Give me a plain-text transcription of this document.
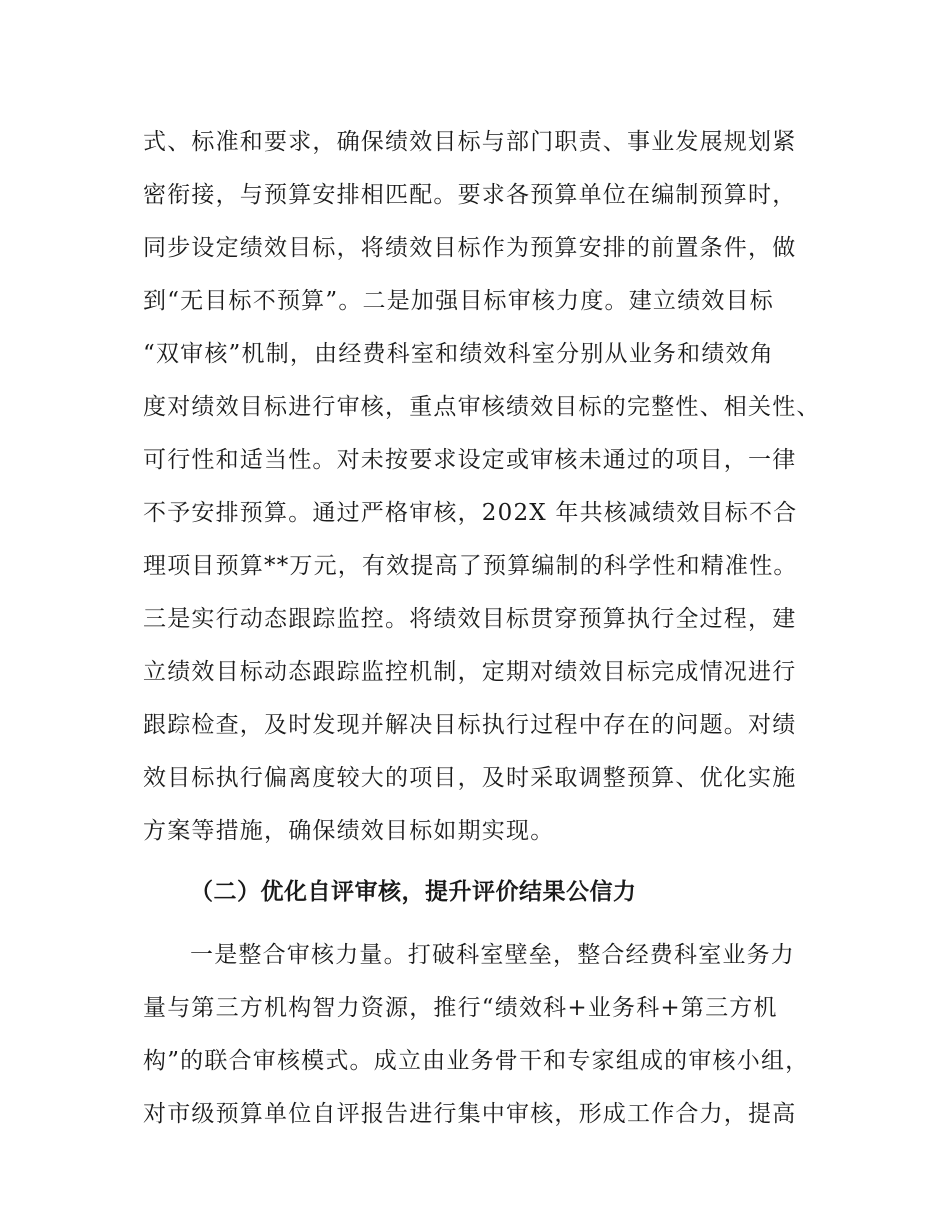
式、标准和要求，确保绩效目标与部门职责、事业发展规划紧
密衔接，与预算安排相匹配。要求各预算单位在编制预算时，
同步设定绩效目标，将绩效目标作为预算安排的前置条件，做
到“无目标不预算”。二是加强目标审核力度。建立绩效目标
“双审核”机制，由经费科室和绩效科室分别从业务和绩效角
度对绩效目标进行审核，重点审核绩效目标的完整性、相关性、
可行性和适当性。对未按要求设定或审核未通过的项目，一律
不予安排预算。通过严格审核，202X 年共核减绩效目标不合
理项目预算**万元，有效提高了预算编制的科学性和精准性。
三是实行动态跟踪监控。将绩效目标贯穿预算执行全过程，建
立绩效目标动态跟踪监控机制，定期对绩效目标完成情况进行
跟踪检查，及时发现并解决目标执行过程中存在的问题。对绩
效目标执行偏离度较大的项目，及时采取调整预算、优化实施
方案等措施，确保绩效目标如期实现。
（二）优化自评审核，提升评价结果公信力
一是整合审核力量。打破科室壁垒，整合经费科室业务力
量与第三方机构智力资源，推行“绩效科+业务科+第三方机
构”的联合审核模式。成立由业务骨干和专家组成的审核小组，
对市级预算单位自评报告进行集中审核，形成工作合力，提高
